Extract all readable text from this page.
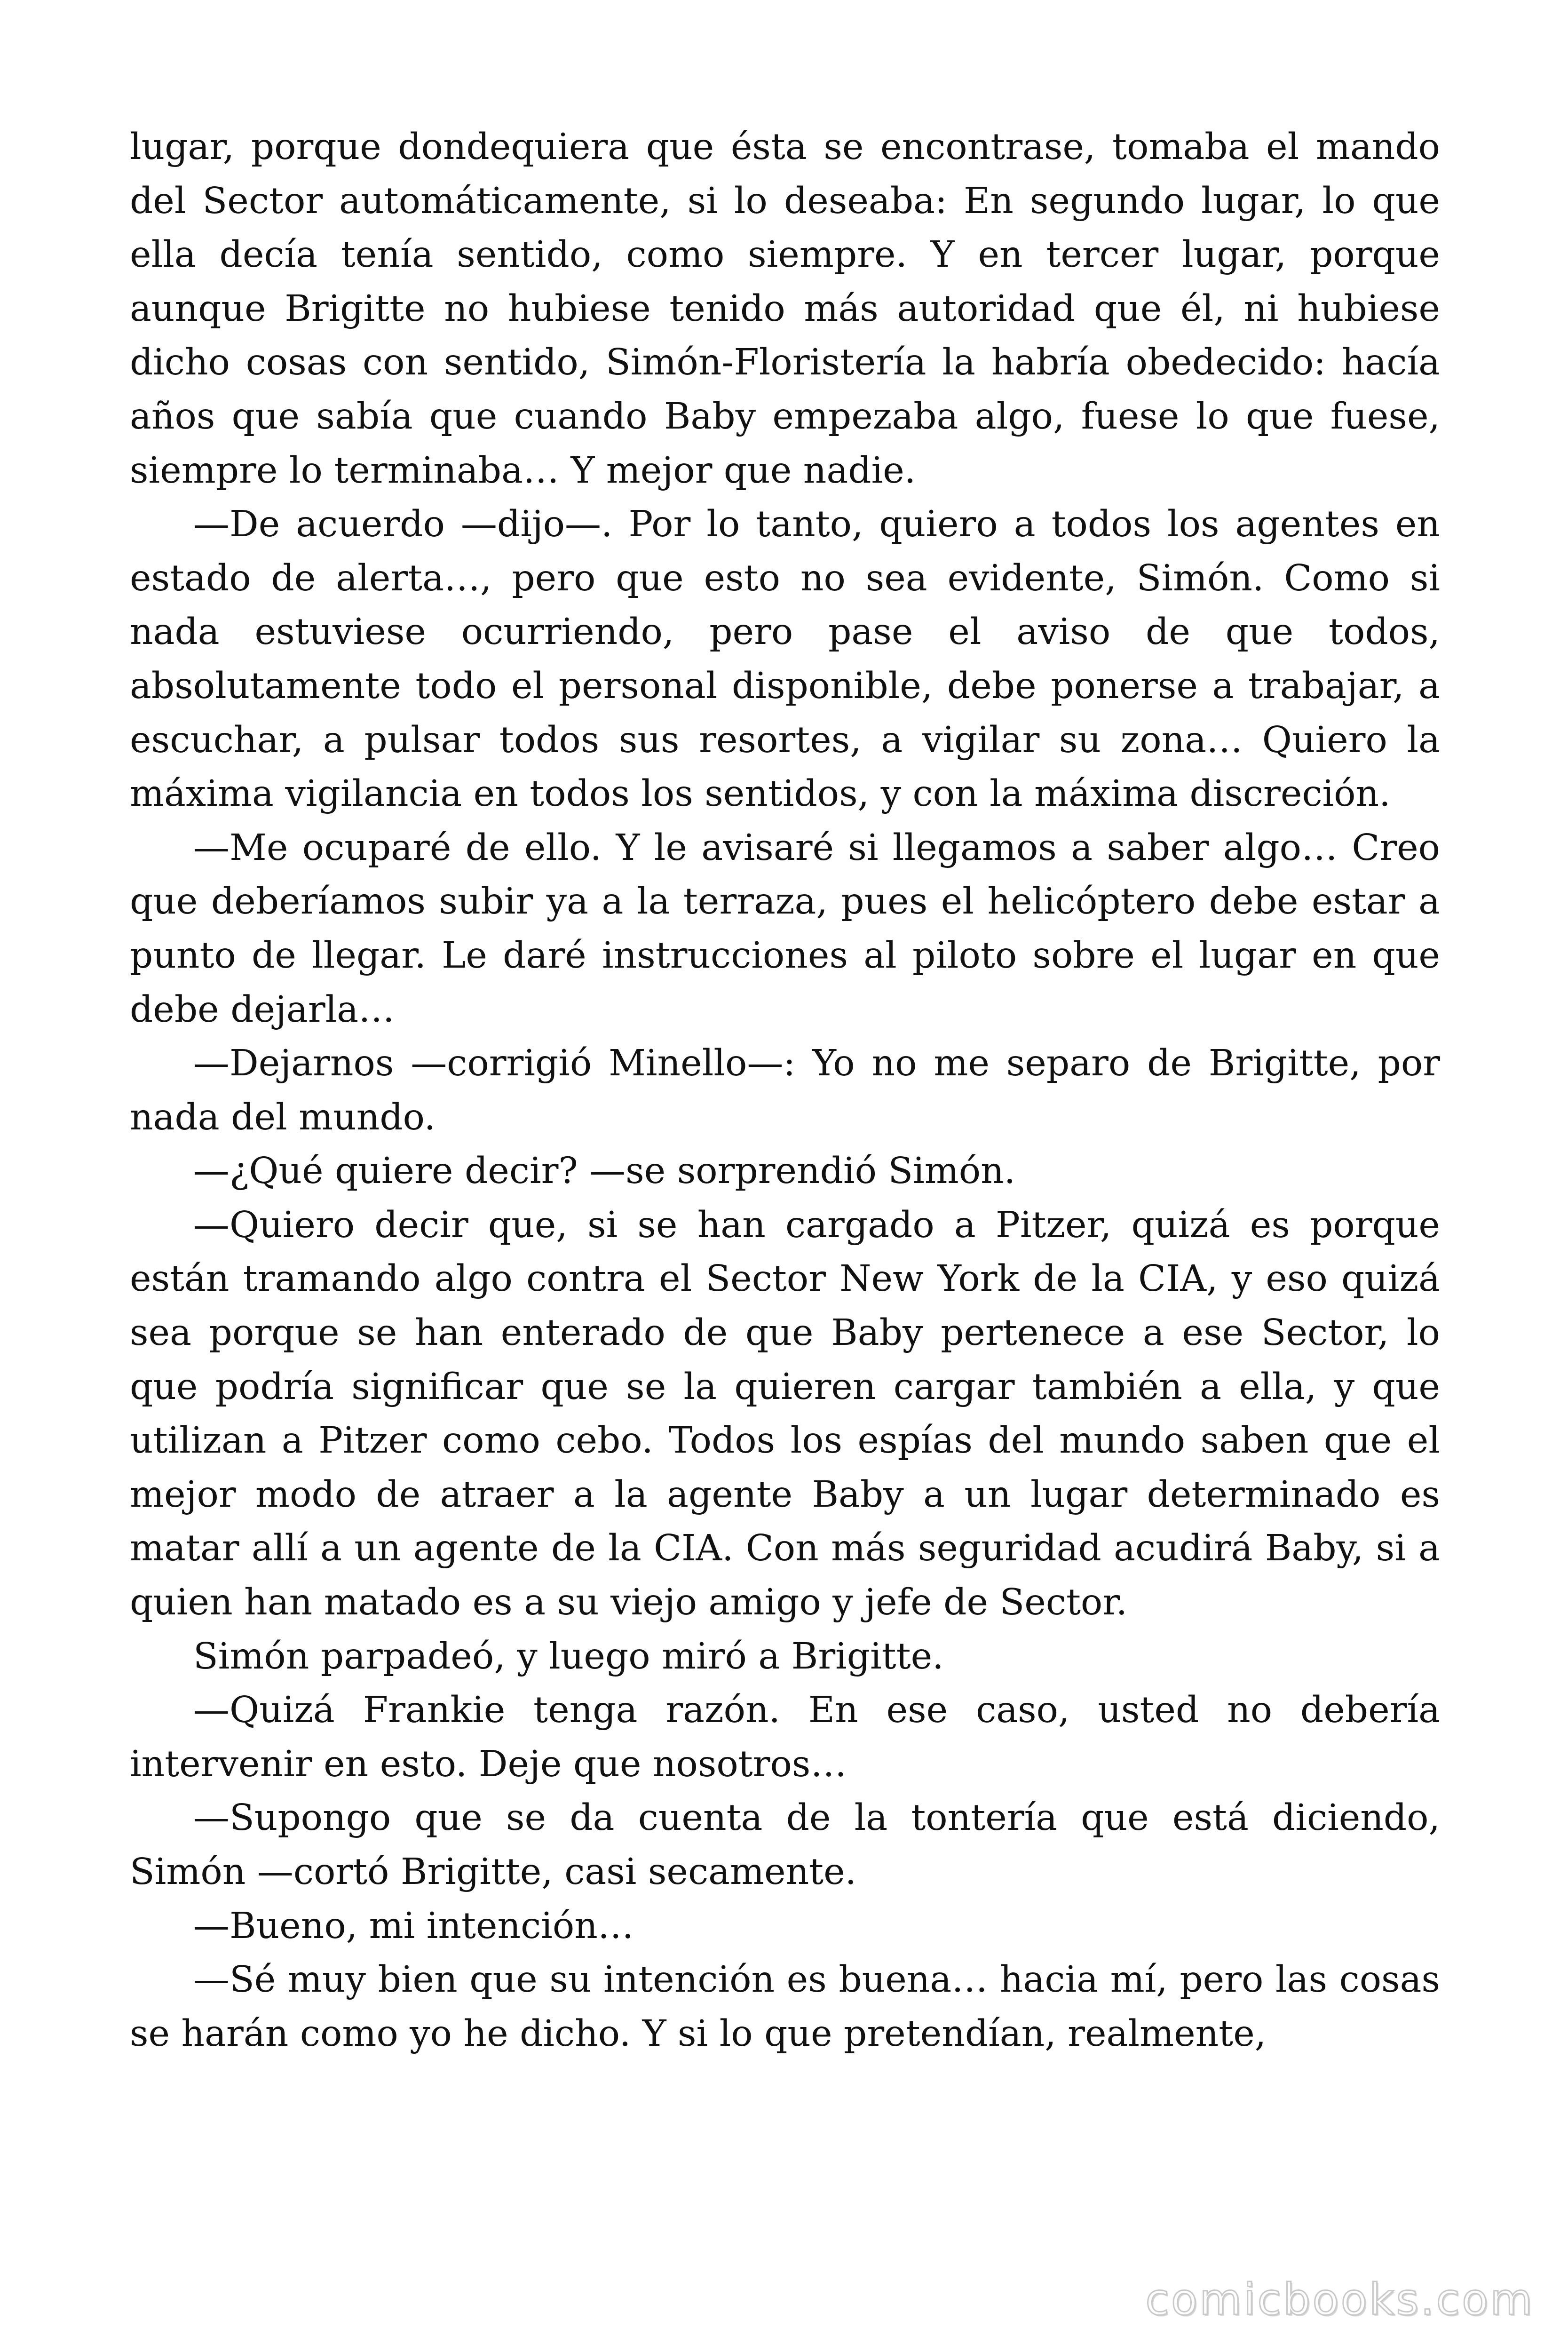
lugar, porque dondequiera que ésta se encontrase, tomaba el mando del Sector automáticamente, si lo deseaba: En segundo lugar, lo que ella decía tenía sentido, como siempre. Y en tercer lugar, porque aunque Brigitte no hubiese tenido más autoridad que él, ni hubiese dicho cosas con sentido, Simón-Floristería la habría obedecido: hacía años que sabía que cuando Baby empezaba algo, fuese lo que fuese, siempre lo terminaba… Y mejor que nadie.

—De acuerdo —dijo—. Por lo tanto, quiero a todos los agentes en estado de alerta…, pero que esto no sea evidente, Simón. Como si nada estuviese ocurriendo, pero pase el aviso de que todos, absolutamente todo el personal disponible, debe ponerse a trabajar, a escuchar, a pulsar todos sus resortes, a vigilar su zona… Quiero la máxima vigilancia en todos los sentidos, y con la máxima discreción.

—Me ocuparé de ello. Y le avisaré si llegamos a saber algo… Creo que deberíamos subir ya a la terraza, pues el helicóptero debe estar a punto de llegar. Le daré instrucciones al piloto sobre el lugar en que debe dejarla…

—Dejarnos —corrigió Minello—: Yo no me separo de Brigitte, por nada del mundo.

—¿Qué quiere decir? —se sorprendió Simón.

—Quiero decir que, si se han cargado a Pitzer, quizá es porque están tramando algo contra el Sector New York de la CIA, y eso quizá sea porque se han enterado de que Baby pertenece a ese Sector, lo que podría significar que se la quieren cargar también a ella, y que utilizan a Pitzer como cebo. Todos los espías del mundo saben que el mejor modo de atraer a la agente Baby a un lugar determinado es matar allí a un agente de la CIA. Con más seguridad acudirá Baby, si a quien han matado es a su viejo amigo y jefe de Sector.

Simón parpadeó, y luego miró a Brigitte.

—Quizá Frankie tenga razón. En ese caso, usted no debería intervenir en esto. Deje que nosotros…

—Supongo que se da cuenta de la tontería que está diciendo, Simón —cortó Brigitte, casi secamente.

—Bueno, mi intención…

—Sé muy bien que su intención es buena… hacia mí, pero las cosas se harán como yo he dicho. Y si lo que pretendían, realmente,

comicbooks.com
